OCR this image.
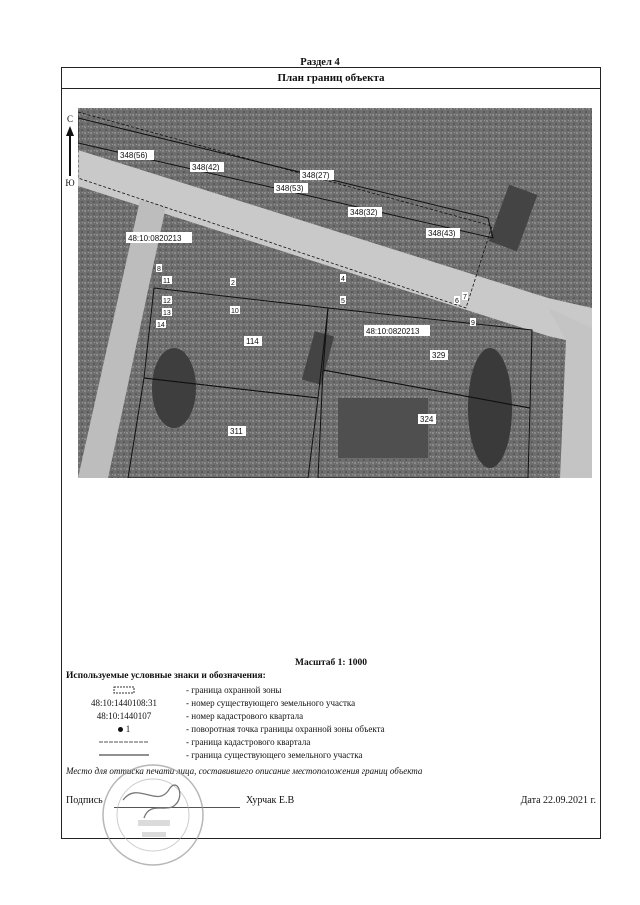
Раздел 4
План границ объекта
С
Ю
348(56)
348(42)
348(27)
348(53)
348(32)
348(43)
48:10:0820213
48:10:0820213
114
311
329
324
8
11
12
13
14
2
10
4
5	6
7
9
Масштаб 1: 1000
Используемые условные знаки и обозначения:
- граница охранной зоны
48:10:1440108:31	- номер существующего земельного участка
48:10:1440107	- номер кадастрового квартала
1	- поворотная точка границы охранной зоны объекта
- граница кадастрового квартала
- граница существующего земельного участка
Место для оттиска печати лица, составившего описание местоположения границ объекта
Подпись	Хурчак Е.В	Дата 22.09.2021 г.
